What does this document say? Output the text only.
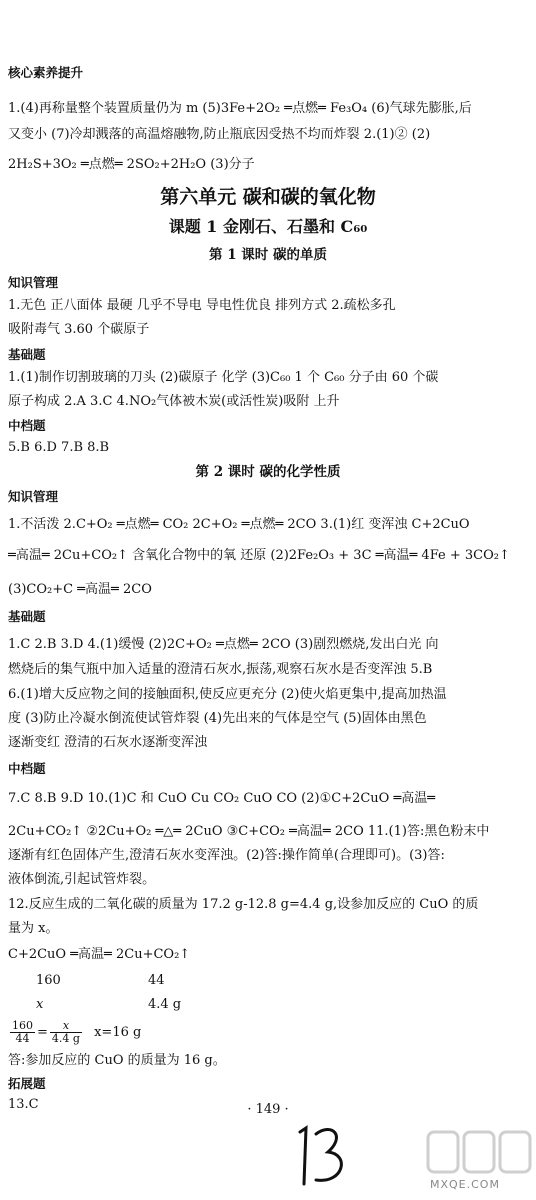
核心素养提升
1.(4)再称量整个装置质量仍为 m (5)3Fe+2O₂ ═点燃═ Fe₃O₄ (6)气球先膨胀,后
又变小 (7)冷却溅落的高温熔融物,防止瓶底因受热不均而炸裂 2.(1)② (2)
2H₂S+3O₂ ═点燃═ 2SO₂+2H₂O (3)分子
第六单元 碳和碳的氧化物
课题 1 金刚石、石墨和 C₆₀
第 1 课时 碳的单质
知识管理
1.无色 正八面体 最硬 几乎不导电 导电性优良 排列方式 2.疏松多孔
吸附毒气 3.60 个碳原子
基础题
1.(1)制作切割玻璃的刀头 (2)碳原子 化学 (3)C₆₀ 1 个 C₆₀ 分子由 60 个碳
原子构成 2.A 3.C 4.NO₂气体被木炭(或活性炭)吸附 上升
中档题
5.B 6.D 7.B 8.B
第 2 课时 碳的化学性质
知识管理
1.不活泼 2.C+O₂ ═点燃═ CO₂ 2C+O₂ ═点燃═ 2CO 3.(1)红 变浑浊 C+2CuO
═高温═ 2Cu+CO₂↑ 含氧化合物中的氧 还原 (2)2Fe₂O₃ + 3C ═高温═ 4Fe + 3CO₂↑
(3)CO₂+C ═高温═ 2CO
基础题
1.C 2.B 3.D 4.(1)缓慢 (2)2C+O₂ ═点燃═ 2CO (3)剧烈燃烧,发出白光 向
燃烧后的集气瓶中加入适量的澄清石灰水,振荡,观察石灰水是否变浑浊 5.B
6.(1)增大反应物之间的接触面积,使反应更充分 (2)使火焰更集中,提高加热温
度 (3)防止冷凝水倒流使试管炸裂 (4)先出来的气体是空气 (5)固体由黑色
逐渐变红 澄清的石灰水逐渐变浑浊
中档题
7.C 8.B 9.D 10.(1)C 和 CuO Cu CO₂ CuO CO (2)①C+2CuO ═高温═
2Cu+CO₂↑ ②2Cu+O₂ ═△═ 2CuO ③C+CO₂ ═高温═ 2CO 11.(1)答:黑色粉末中
逐渐有红色固体产生,澄清石灰水变浑浊。(2)答:操作简单(合理即可)。(3)答:
液体倒流,引起试管炸裂。
12.反应生成的二氧化碳的质量为 17.2 g-12.8 g=4.4 g,设参加反应的 CuO 的质
量为 x。
C+2CuO ═高温═ 2Cu+CO₂↑
160	44
x	4.4 g
$\frac{160}{44} = \frac{x}{4.4 g} x=16$ g
答:参加反应的 CuO 的质量为 16 g。
拓展题
13.C	· 149 ·
MXQE.COM
